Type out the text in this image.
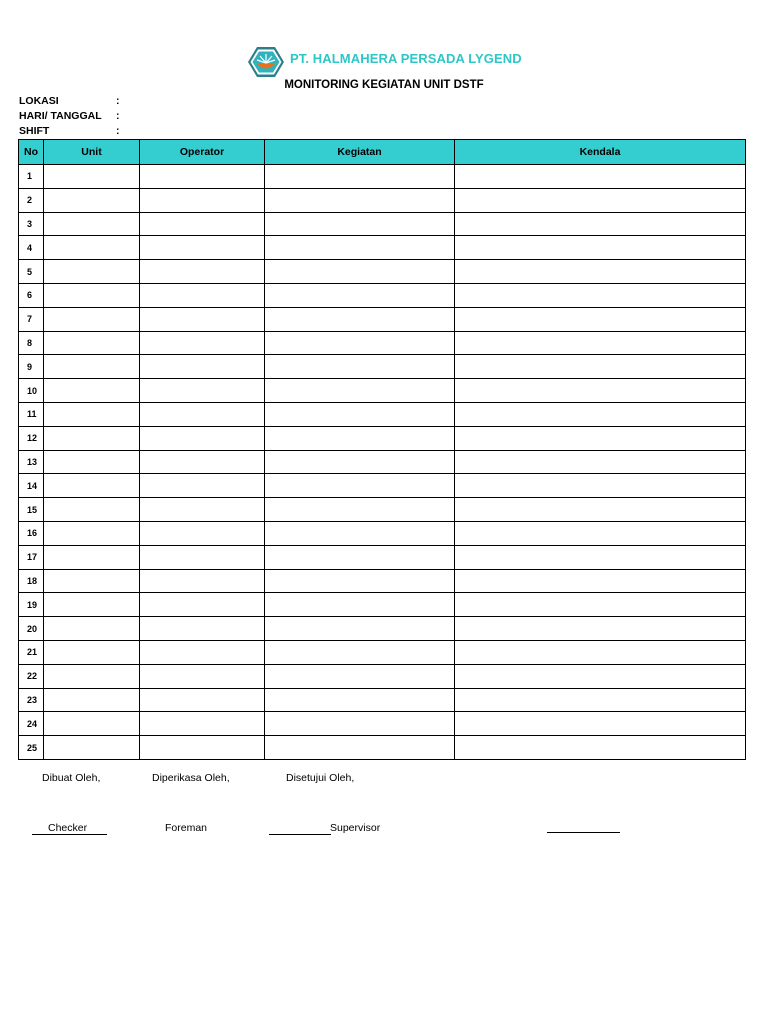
PT. HALMAHERA PERSADA LYGEND
MONITORING KEGIATAN UNIT DSTF
LOKASI	:
HARI/ TANGGAL :
SHIFT	:
No	Unit	Operator	Kegiatan	Kendala
1				
2				
3				
4				
5				
6				
7				
8				
9				
10				
11				
12				
13				
14				
15				
16				
17				
18				
19				
20				
21				
22				
23				
24				
25				
Dibuat Oleh,	Diperikasa Oleh,	Disetujui Oleh,
Checker	Foreman	Supervisor
